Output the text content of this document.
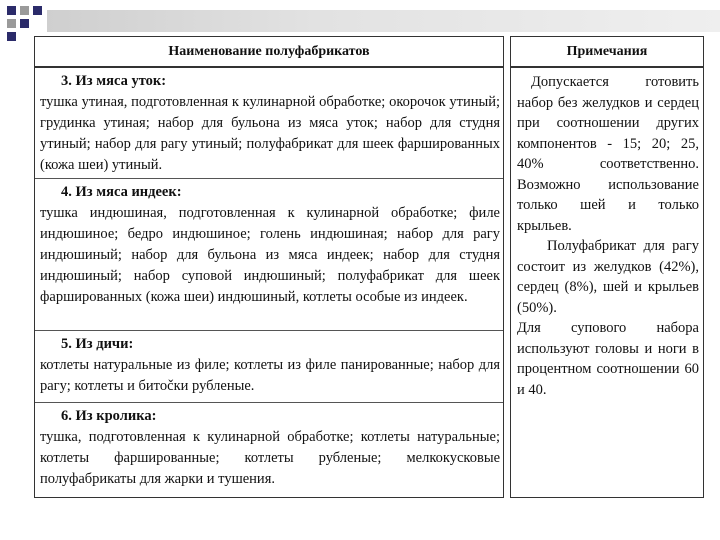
Наименование полуфабрикатов	Примечания
3. Из мяса уток:
тушка утиная, подготовленная к кулинарной обработке; окорочок утиный; грудинка утиная; набор для бульона из мяса уток; набор для студня утиный; набор для рагу утиный; полуфабрикат для шеек фаршированных (кожа шеи) утиный.
4. Из мяса индеек:
тушка индюшиная, подготовленная к кулинарной обработке; филе индюшиное; бедро индюшиное; голень индюшиная; набор для рагу индюшиный; набор для бульона из мяса индеек; набор для студня индюшиный; набор суповой индюшиный; полуфабрикат для шеек фаршированных (кожа шеи) индюшиный, котлеты особые из индеек.
5. Из дичи:
котлеты натуральные из филе; котлеты из филе панированные; набор для рагу; котлеты и битočки рубленые.
6. Из кролика:
тушка, подготовленная к кулинарной обработке; котлеты натуральные; котлеты фаршированные; котлеты рубленые; мелкокусковые полуфабрикаты для жарки и тушения.

Допускается готовить набор без желудков и сердец при соотношении других компонентов - 15; 20; 25, 40% соответственно. Возможно использование только шей и только крыльев.

Полуфабрикат для рагу состоит из желудков (42%), сердец (8%), шей и крыльев (50%).

Для супового набора используют головы и ноги в процентном соотношении 60 и 40.
